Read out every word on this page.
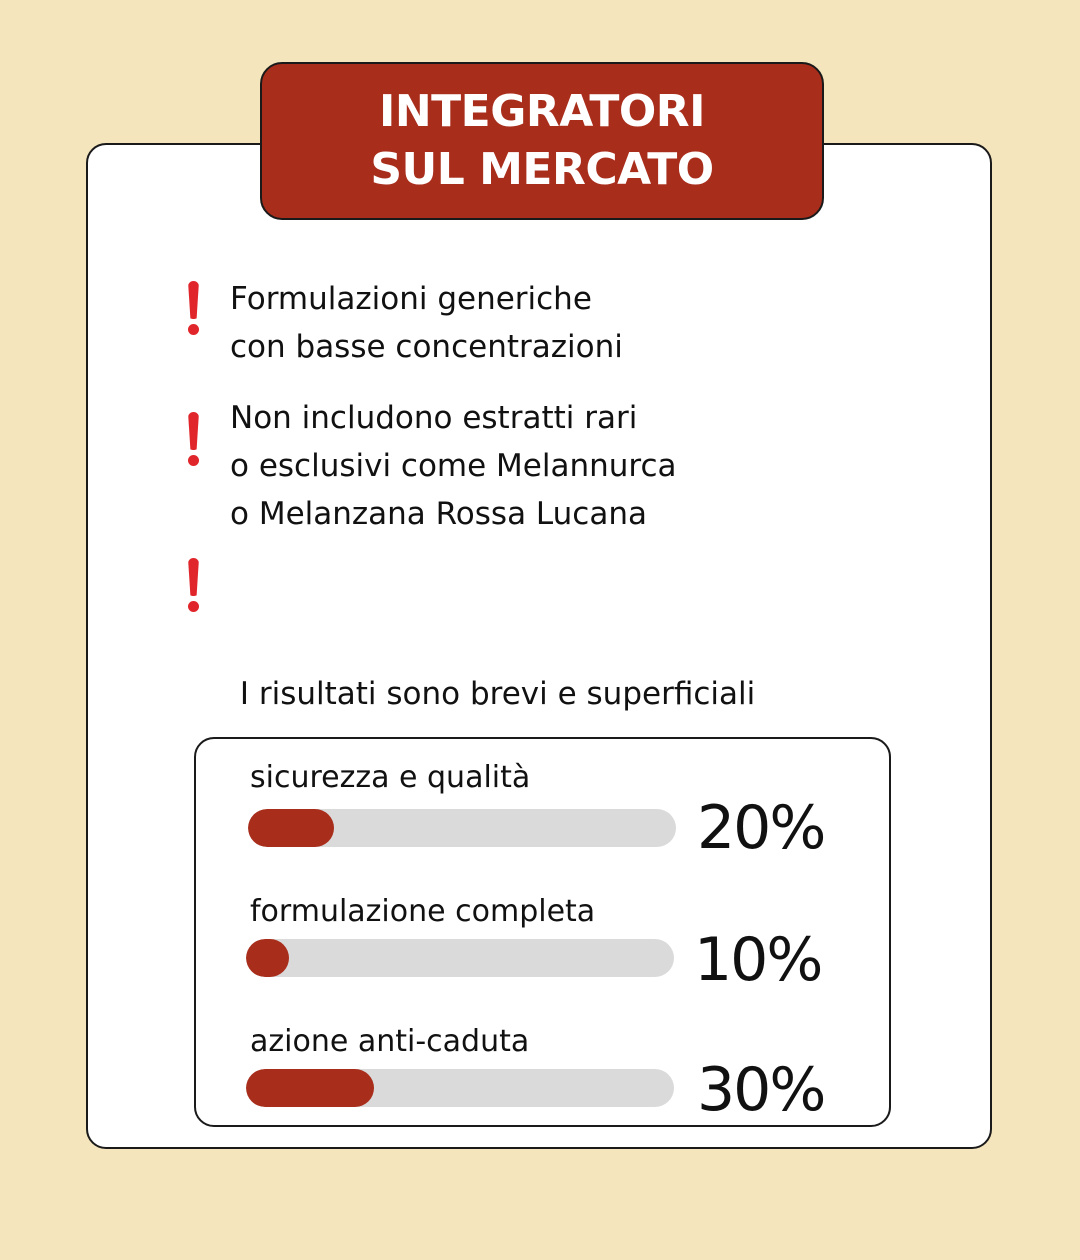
INTEGRATORI
SUL MERCATO
Formulazioni generiche
con basse concentrazioni
Non includono estratti rari
o esclusivi come Melannurca
o Melanzana Rossa Lucana

I risultati sono brevi e superficiali

sicurezza e qualità
20%
formulazione completa
10%
azione anti-caduta
30%
